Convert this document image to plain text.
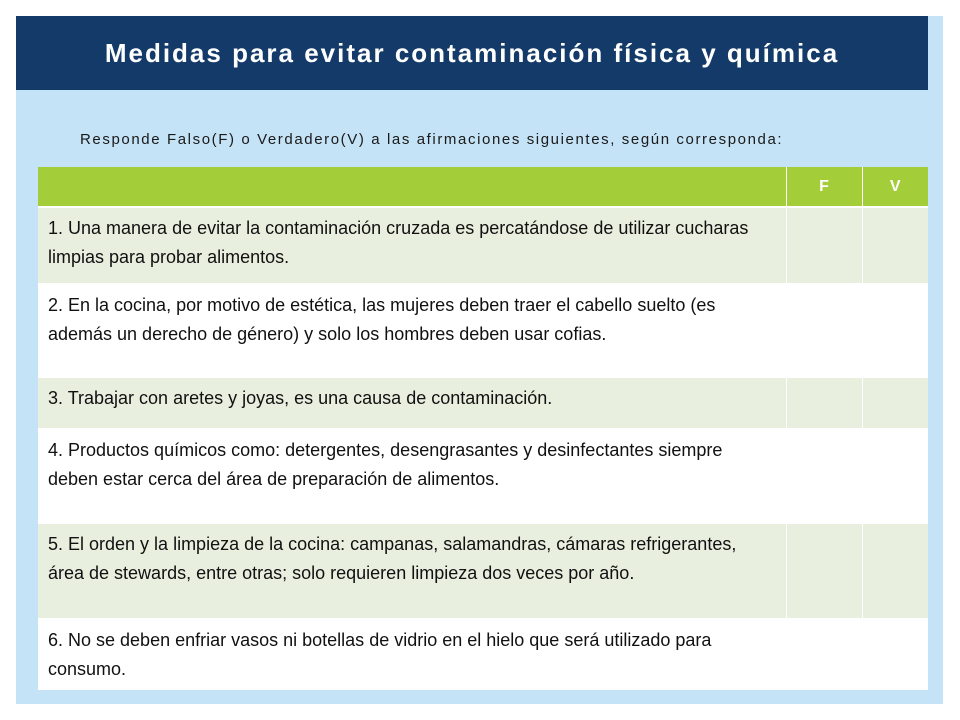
Medidas para evitar contaminación física y química
Responde Falso(F) o Verdadero(V) a las afirmaciones siguientes, según corresponda:
	F	V
1. Una manera de evitar la contaminación cruzada es percatándose de utilizar cucharas limpias para probar alimentos.		
2. En la cocina, por motivo de estética, las mujeres deben traer el cabello suelto (es además un derecho de género) y solo los hombres deben usar cofias.		
3. Trabajar con aretes y joyas, es una causa de contaminación.		
4. Productos químicos como: detergentes, desengrasantes y desinfectantes siempre deben estar cerca del área de preparación de alimentos.		
5. El orden y la limpieza de la cocina: campanas, salamandras, cámaras refrigerantes, área de stewards, entre otras; solo requieren limpieza dos veces por año.		
6. No se deben enfriar vasos ni botellas de vidrio en el hielo que será utilizado para consumo.		
